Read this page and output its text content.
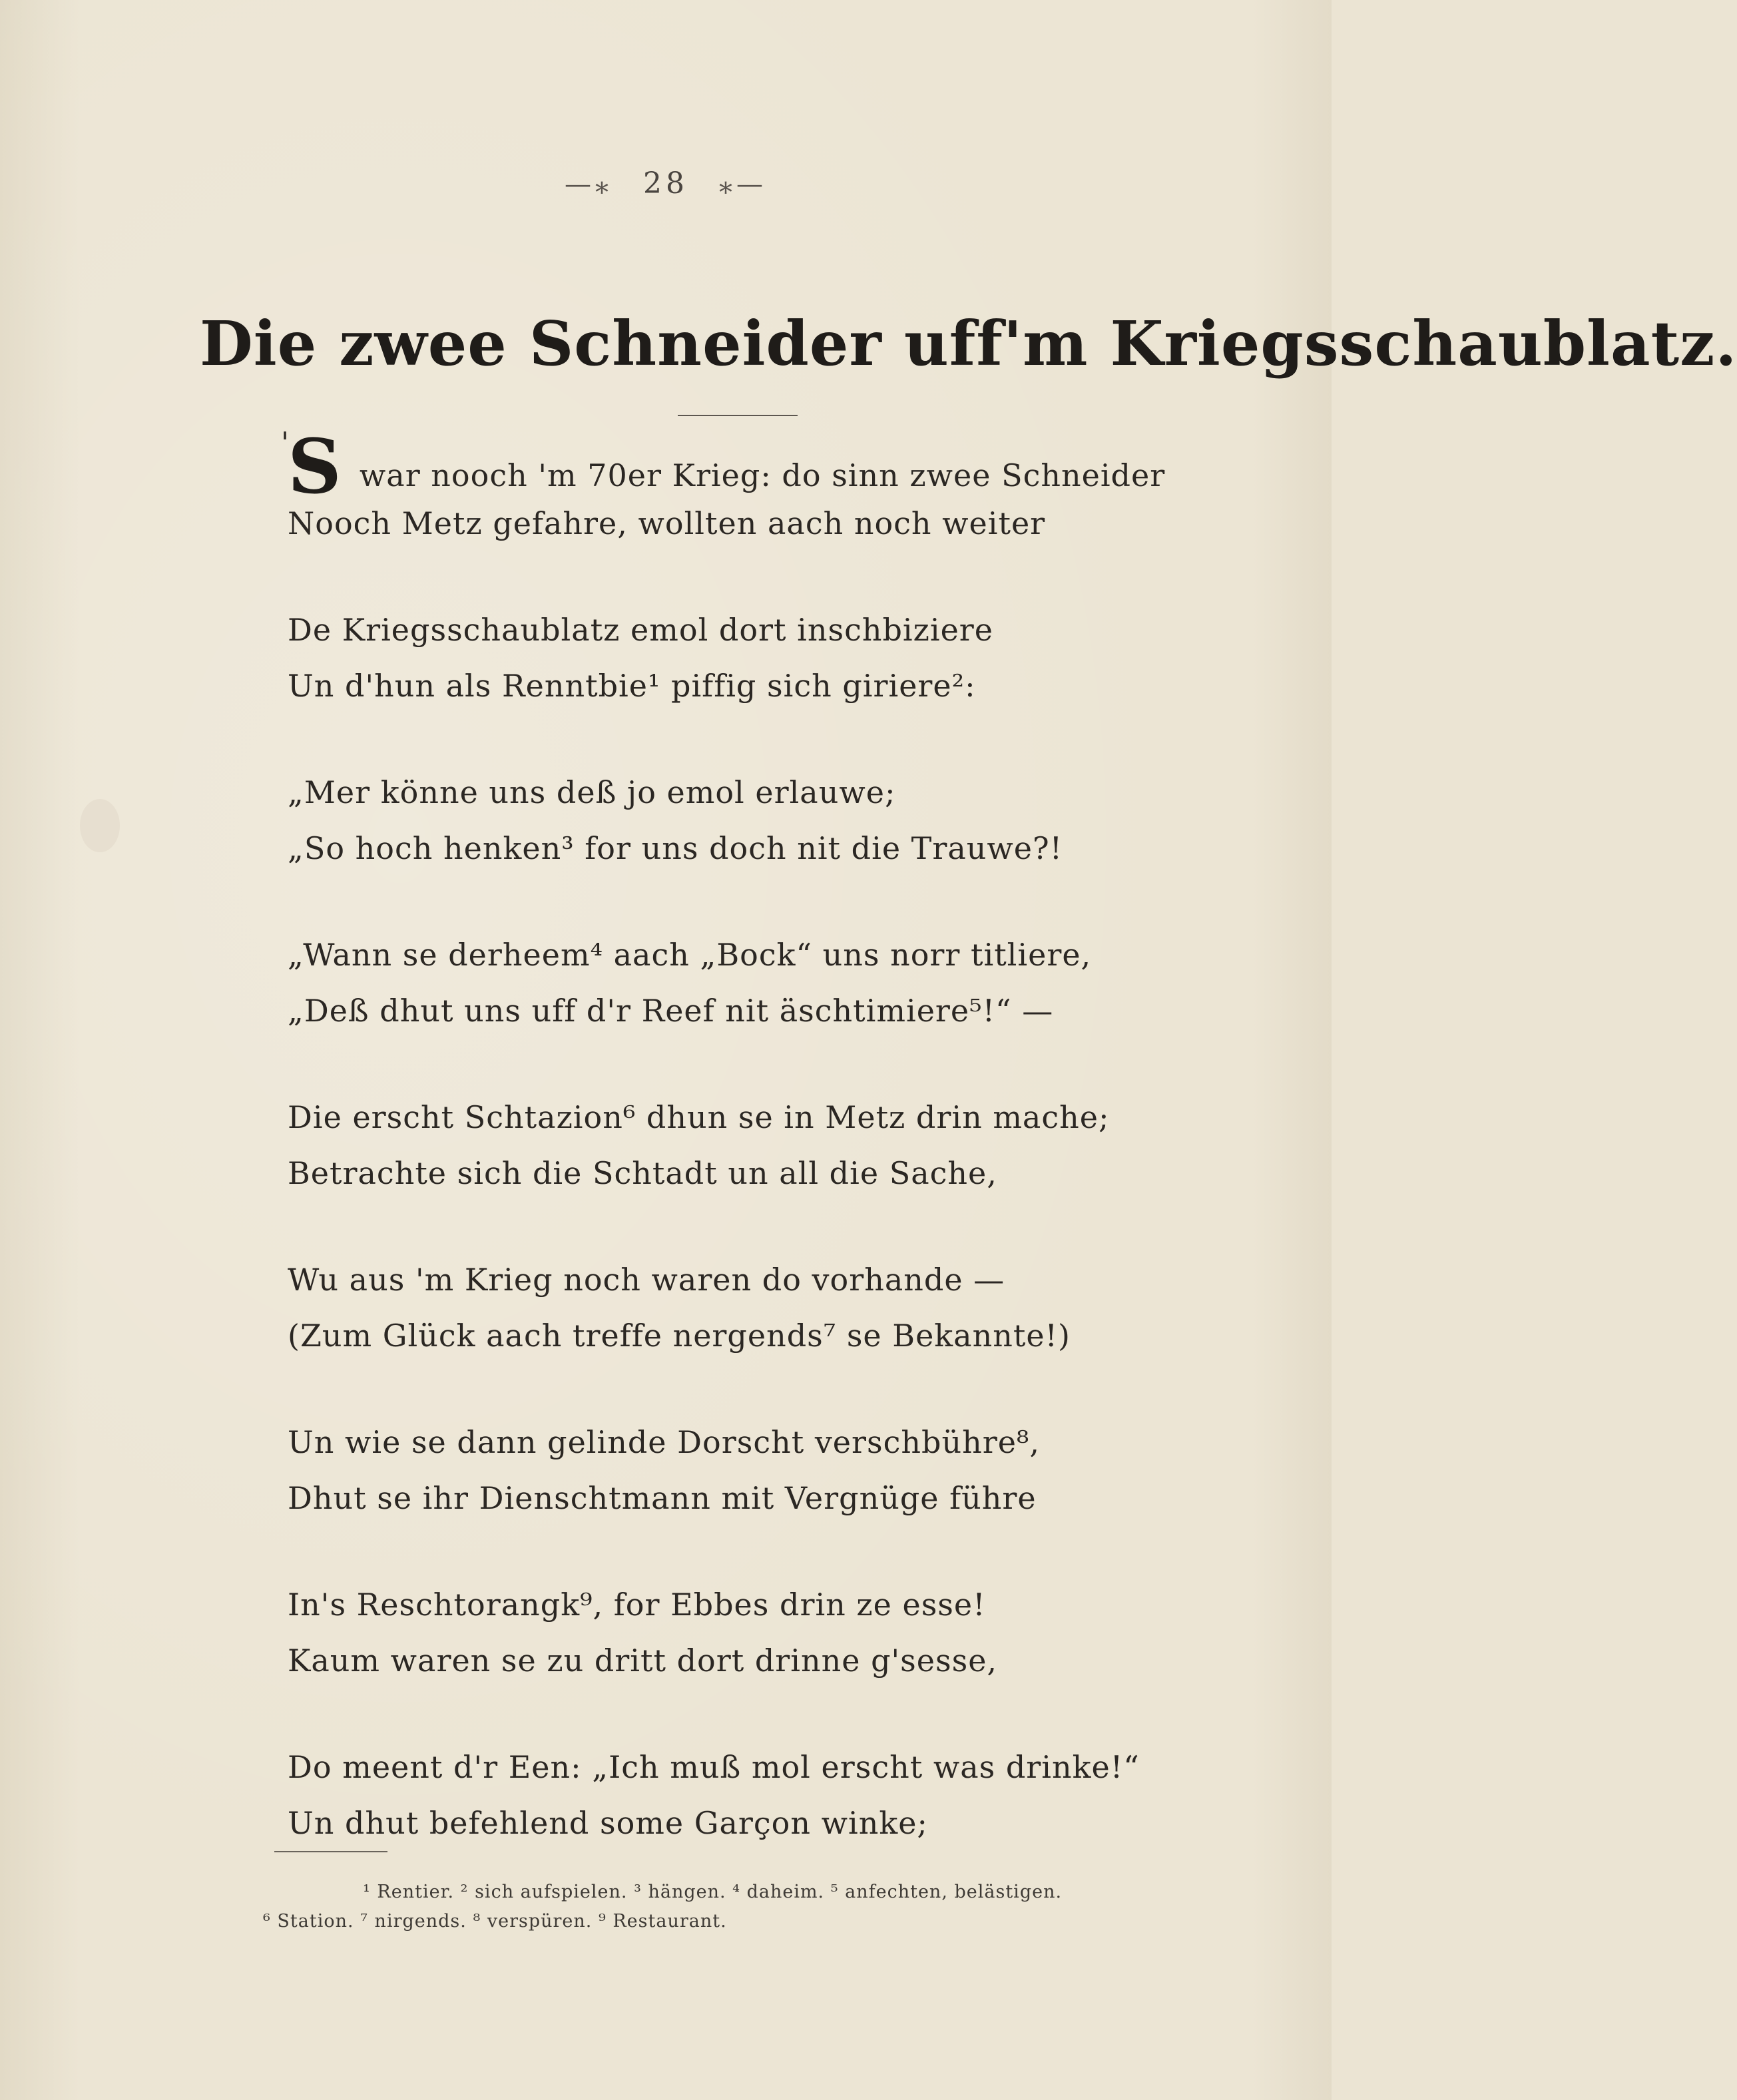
—⁎ 28 ⁎—
Die zwee Schneider uff'm Kriegsschaublatz.
'
S war nooch 'm 70er Krieg: do sinn zwee Schneider
Nooch Metz gefahre, wollten aach noch weiter
De Kriegsschaublatz emol dort inschbiziere
Un d'hun als Renntbie¹ piffig sich giriere²:
„Mer könne uns deß jo emol erlauwe;
„So hoch henken³ for uns doch nit die Trauwe?!
„Wann se derheem⁴ aach „Bock“ uns norr titliere,
„Deß dhut uns uff d'r Reef nit äschtimiere⁵!“ —
Die erscht Schtazion⁶ dhun se in Metz drin mache;
Betrachte sich die Schtadt un all die Sache,
Wu aus 'm Krieg noch waren do vorhande —
(Zum Glück aach treffe nergends⁷ se Bekannte!)
Un wie se dann gelinde Dorscht verschbühre⁸,
Dhut se ihr Dienschtmann mit Vergnüge führe
In's Reschtorangk⁹, for Ebbes drin ze esse!
Kaum waren se zu dritt dort drinne g'sesse,
Do meent d'r Een: „Ich muß mol erscht was drinke!“
Un dhut befehlend some Garçon winke;
¹ Rentier. ² sich aufspielen. ³ hängen. ⁴ daheim. ⁵ anfechten, belästigen.
⁶ Station. ⁷ nirgends. ⁸ verspüren. ⁹ Restaurant.
